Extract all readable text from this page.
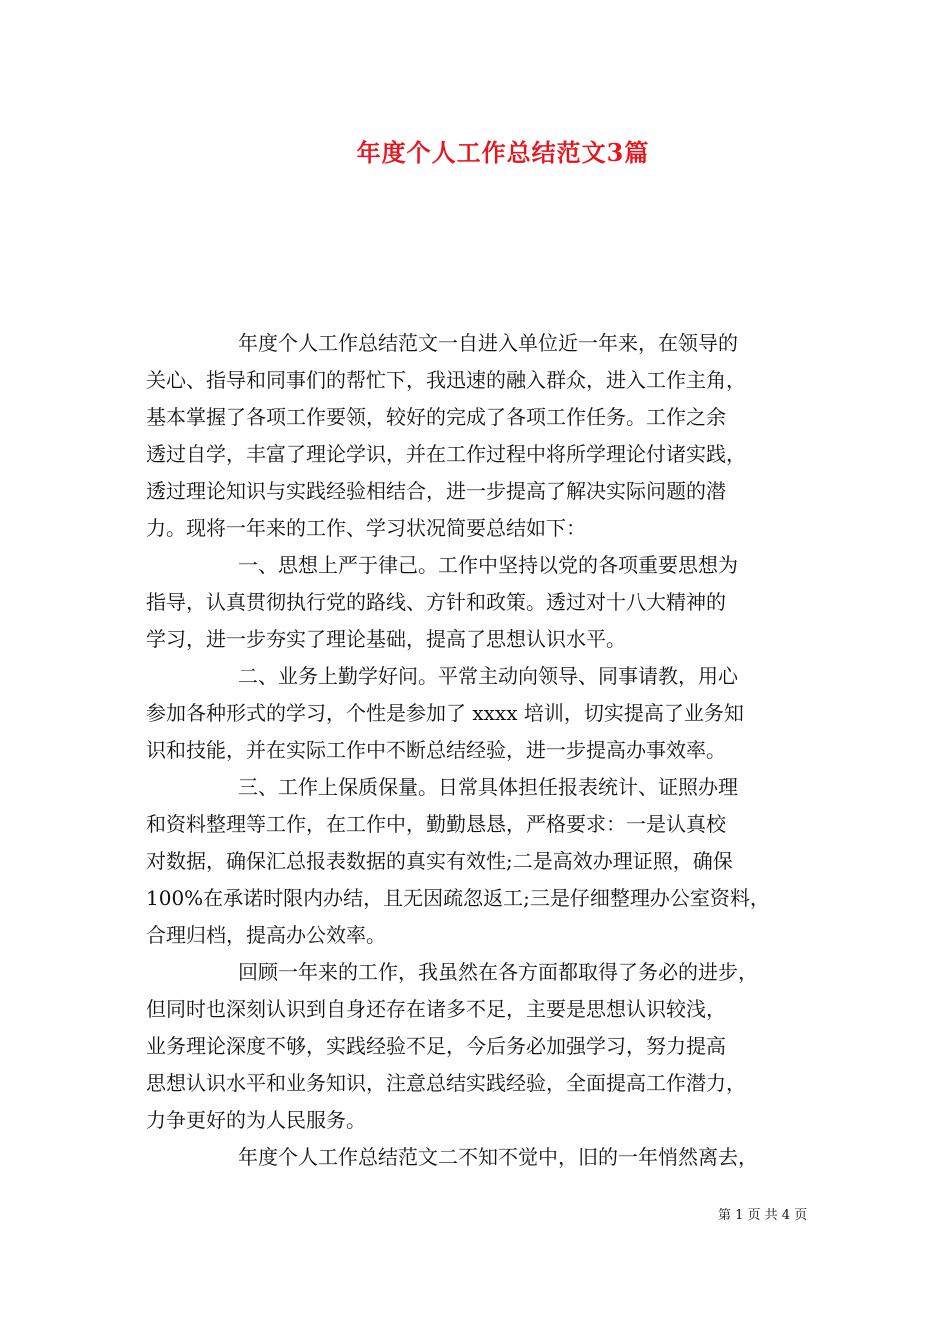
年度个人工作总结范文3篇
年度个人工作总结范文一自进入单位近一年来，在领导的
关心、指导和同事们的帮忙下，我迅速的融入群众，进入工作主角，
基本掌握了各项工作要领，较好的完成了各项工作任务。工作之余
透过自学，丰富了理论学识，并在工作过程中将所学理论付诸实践，
透过理论知识与实践经验相结合，进一步提高了解决实际问题的潜
力。现将一年来的工作、学习状况简要总结如下：
一、思想上严于律己。工作中坚持以党的各项重要思想为
指导，认真贯彻执行党的路线、方针和政策。透过对十八大精神的
学习，进一步夯实了理论基础，提高了思想认识水平。
二、业务上勤学好问。平常主动向领导、同事请教，用心
参加各种形式的学习，个性是参加了 xxxx 培训，切实提高了业务知
识和技能，并在实际工作中不断总结经验，进一步提高办事效率。
三、工作上保质保量。日常具体担任报表统计、证照办理
和资料整理等工作，在工作中，勤勤恳恳，严格要求：一是认真校
对数据，确保汇总报表数据的真实有效性;二是高效办理证照，确保
100%在承诺时限内办结，且无因疏忽返工;三是仔细整理办公室资料，
合理归档，提高办公效率。
回顾一年来的工作，我虽然在各方面都取得了务必的进步，
但同时也深刻认识到自身还存在诸多不足，主要是思想认识较浅，
业务理论深度不够，实践经验不足，今后务必加强学习，努力提高
思想认识水平和业务知识，注意总结实践经验，全面提高工作潜力，
力争更好的为人民服务。
年度个人工作总结范文二不知不觉中，旧的一年悄然离去，
第 1 页 共 4 页
